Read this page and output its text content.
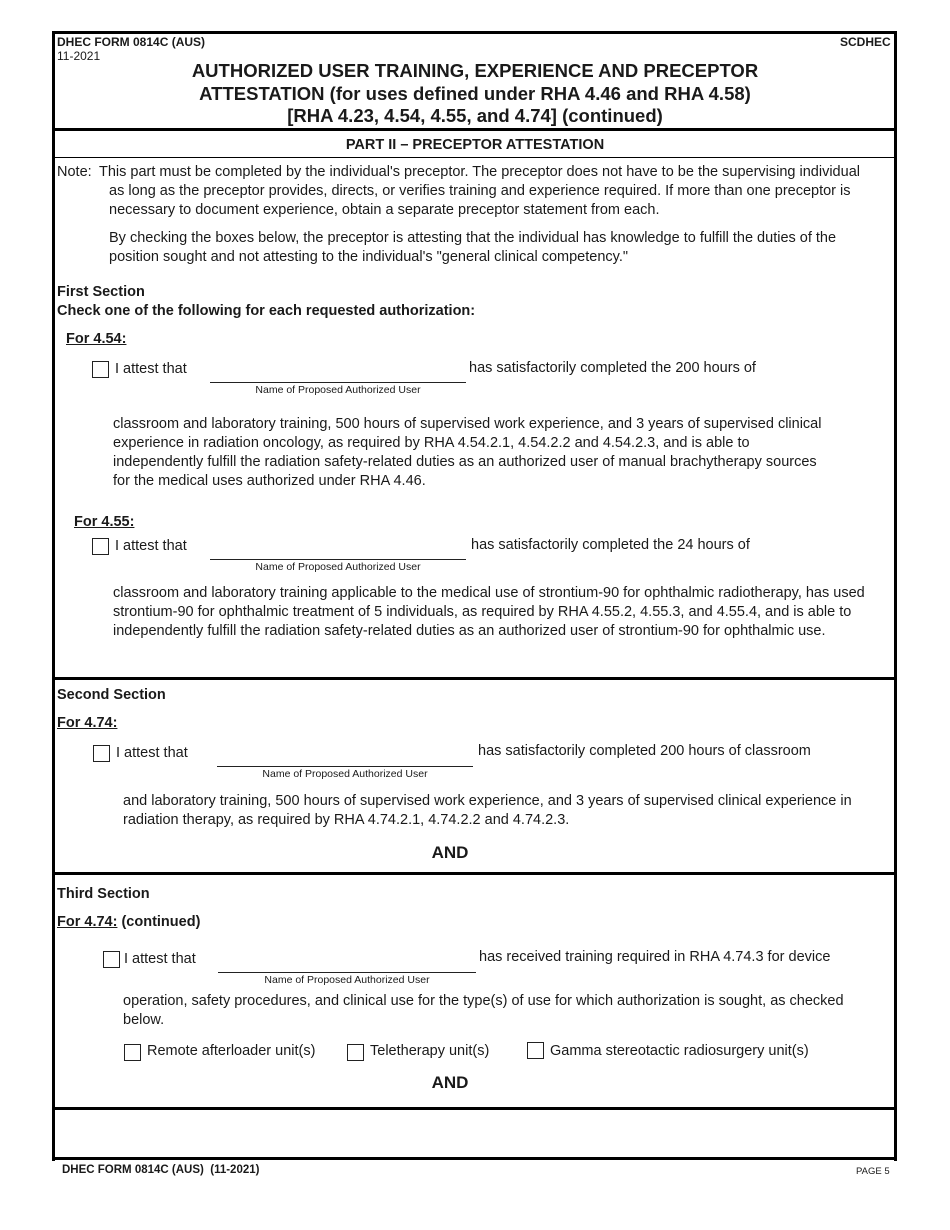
DHEC FORM 0814C (AUS)
11-2021
SCDHEC
AUTHORIZED USER TRAINING, EXPERIENCE AND PRECEPTOR
ATTESTATION (for uses defined under RHA 4.46 and RHA 4.58)
[RHA 4.23, 4.54, 4.55, and 4.74] (continued)
PART II – PRECEPTOR ATTESTATION
Note: This part must be completed by the individual's preceptor. The preceptor does not have to be the supervising individual as long as the preceptor provides, directs, or verifies training and experience required. If more than one preceptor is necessary to document experience, obtain a separate preceptor statement from each.
By checking the boxes below, the preceptor is attesting that the individual has knowledge to fulfill the duties of the position sought and not attesting to the individual's "general clinical competency."
First Section
Check one of the following for each requested authorization:
For 4.54:
I attest that
Name of Proposed Authorized User
has satisfactorily completed the 200 hours of
classroom and laboratory training, 500 hours of supervised work experience, and 3 years of supervised clinical experience in radiation oncology, as required by RHA 4.54.2.1, 4.54.2.2 and 4.54.2.3, and is able to independently fulfill the radiation safety-related duties as an authorized user of manual brachytherapy sources for the medical uses authorized under RHA 4.46.
For 4.55:
I attest that
Name of Proposed Authorized User
has satisfactorily completed the 24 hours of
classroom and laboratory training applicable to the medical use of strontium-90 for ophthalmic radiotherapy, has used strontium-90 for ophthalmic treatment of 5 individuals, as required by RHA 4.55.2, 4.55.3, and 4.55.4, and is able to independently fulfill the radiation safety-related duties as an authorized user of strontium-90 for ophthalmic use.
Second Section
For 4.74:
I attest that
Name of Proposed Authorized User
has satisfactorily completed 200 hours of classroom
and laboratory training, 500 hours of supervised work experience, and 3 years of supervised clinical experience in radiation therapy, as required by RHA 4.74.2.1, 4.74.2.2 and 4.74.2.3.
AND
Third Section
For 4.74: (continued)
I attest that
Name of Proposed Authorized User
has received training required in RHA 4.74.3 for device
operation, safety procedures, and clinical use for the type(s) of use for which authorization is sought, as checked below.
Remote afterloader unit(s)	Teletherapy unit(s)	Gamma stereotactic radiosurgery unit(s)
AND
DHEC FORM 0814C (AUS)  (11-2021)	PAGE 5
